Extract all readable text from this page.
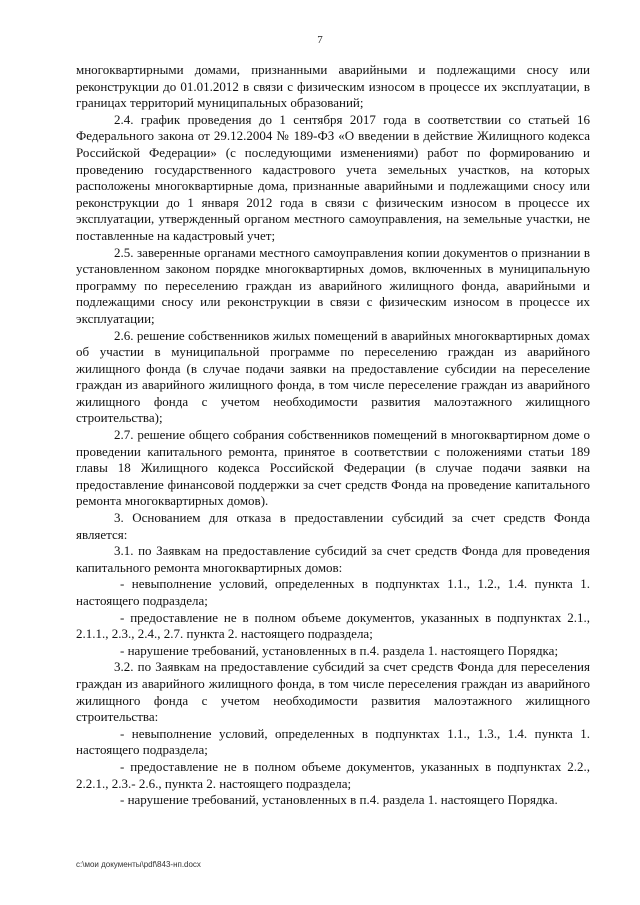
7

многоквартирными домами, признанными аварийными и подлежащими сносу или реконструкции до 01.01.2012 в связи с физическим износом в процессе их эксплуатации, в границах территорий муниципальных образований;

2.4. график проведения до 1 сентября 2017 года в соответствии со статьей 16 Федерального закона от 29.12.2004 № 189-ФЗ «О введении в действие Жилищного кодекса Российской Федерации» (с последующими изменениями) работ по формированию и проведению государственного кадастрового учета земельных участков, на которых расположены многоквартирные дома, признанные аварийными и подлежащими сносу или реконструкции до 1 января 2012 года в связи с физическим износом в процессе их эксплуатации, утвержденный органом местного самоуправления, на земельные участки, не поставленные на кадастровый учет;

2.5. заверенные органами местного самоуправления копии документов о признании в установленном законом порядке многоквартирных домов, включенных в муниципальную программу по переселению граждан из аварийного жилищного фонда, аварийными и подлежащими сносу или реконструкции в связи с физическим износом в процессе их эксплуатации;

2.6. решение собственников жилых помещений в аварийных многоквартирных домах об участии в муниципальной программе по переселению граждан из аварийного жилищного фонда (в случае подачи заявки на предоставление субсидии на переселение граждан из аварийного жилищного фонда, в том числе переселение граждан из аварийного жилищного фонда с учетом необходимости развития малоэтажного жилищного строительства);

2.7. решение общего собрания собственников помещений в многоквартирном доме о проведении капитального ремонта, принятое в соответствии с положениями статьи 189 главы 18 Жилищного кодекса Российской Федерации (в случае подачи заявки на предоставление финансовой поддержки за счет средств Фонда на проведение капитального ремонта многоквартирных домов).

3. Основанием для отказа в предоставлении субсидий за счет средств Фонда является:

3.1. по Заявкам на предоставление субсидий за счет средств Фонда для проведения капитального ремонта многоквартирных домов:

- невыполнение условий, определенных в подпунктах 1.1., 1.2., 1.4. пункта 1. настоящего подраздела;

- предоставление не в полном объеме документов, указанных в подпунктах 2.1., 2.1.1., 2.3., 2.4., 2.7. пункта 2. настоящего подраздела;

- нарушение требований, установленных в п.4. раздела 1. настоящего Порядка;

3.2. по Заявкам на предоставление субсидий за счет средств Фонда для переселения граждан из аварийного жилищного фонда, в том числе переселения граждан из аварийного жилищного фонда с учетом необходимости развития малоэтажного жилищного строительства:

- невыполнение условий, определенных в подпунктах 1.1., 1.3., 1.4. пункта 1. настоящего подраздела;

- предоставление не в полном объеме документов, указанных в подпунктах 2.2., 2.2.1., 2.3.- 2.6., пункта 2. настоящего подраздела;

- нарушение требований, установленных в п.4. раздела 1. настоящего Порядка.

c:\мои документы\pdf\843-нп.docx
